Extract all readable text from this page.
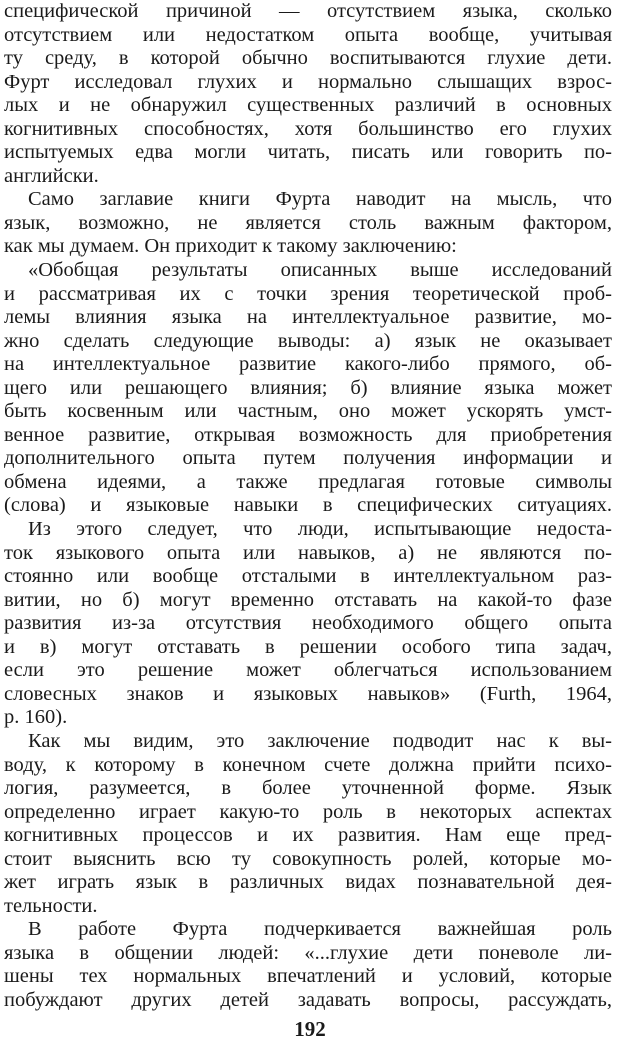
специфической причиной — отсутствием языка, сколько
отсутствием или недостатком опыта вообще, учитывая
ту среду, в которой обычно воспитываются глухие дети.
Фурт исследовал глухих и нормально слышащих взрос-
лых и не обнаружил существенных различий в основных
когнитивных способностях, хотя большинство его глухих
испытуемых едва могли читать, писать или говорить по-
английски.
Само заглавие книги Фурта наводит на мысль, что
язык, возможно, не является столь важным фактором,
как мы думаем. Он приходит к такому заключению:
«Обобщая результаты описанных выше исследований
и рассматривая их с точки зрения теоретической проб-
лемы влияния языка на интеллектуальное развитие, мо-
жно сделать следующие выводы: а) язык не оказывает
на интеллектуальное развитие какого-либо прямого, об-
щего или решающего влияния; б) влияние языка может
быть косвенным или частным, оно может ускорять умст-
венное развитие, открывая возможность для приобретения
дополнительного опыта путем получения информации и
обмена идеями, а также предлагая готовые символы
(слова) и языковые навыки в специфических ситуациях.
Из этого следует, что люди, испытывающие недоста-
ток языкового опыта или навыков, а) не являются по-
стоянно или вообще отсталыми в интеллектуальном раз-
витии, но б) могут временно отставать на какой-то фазе
развития из-за отсутствия необходимого общего опыта
и в) могут отставать в решении особого типа задач,
если это решение может облегчаться использованием
словесных знаков и языковых навыков» (Furth, 1964,
р. 160).
Как мы видим, это заключение подводит нас к вы-
воду, к которому в конечном счете должна прийти психо-
логия, разумеется, в более уточненной форме. Язык
определенно играет какую-то роль в некоторых аспектах
когнитивных процессов и их развития. Нам еще пред-
стоит выяснить всю ту совокупность ролей, которые мо-
жет играть язык в различных видах познавательной дея-
тельности.
В работе Фурта подчеркивается важнейшая роль
языка в общении людей: «...глухие дети поневоле ли-
шены тех нормальных впечатлений и условий, которые
побуждают других детей задавать вопросы, рассуждать,
192
